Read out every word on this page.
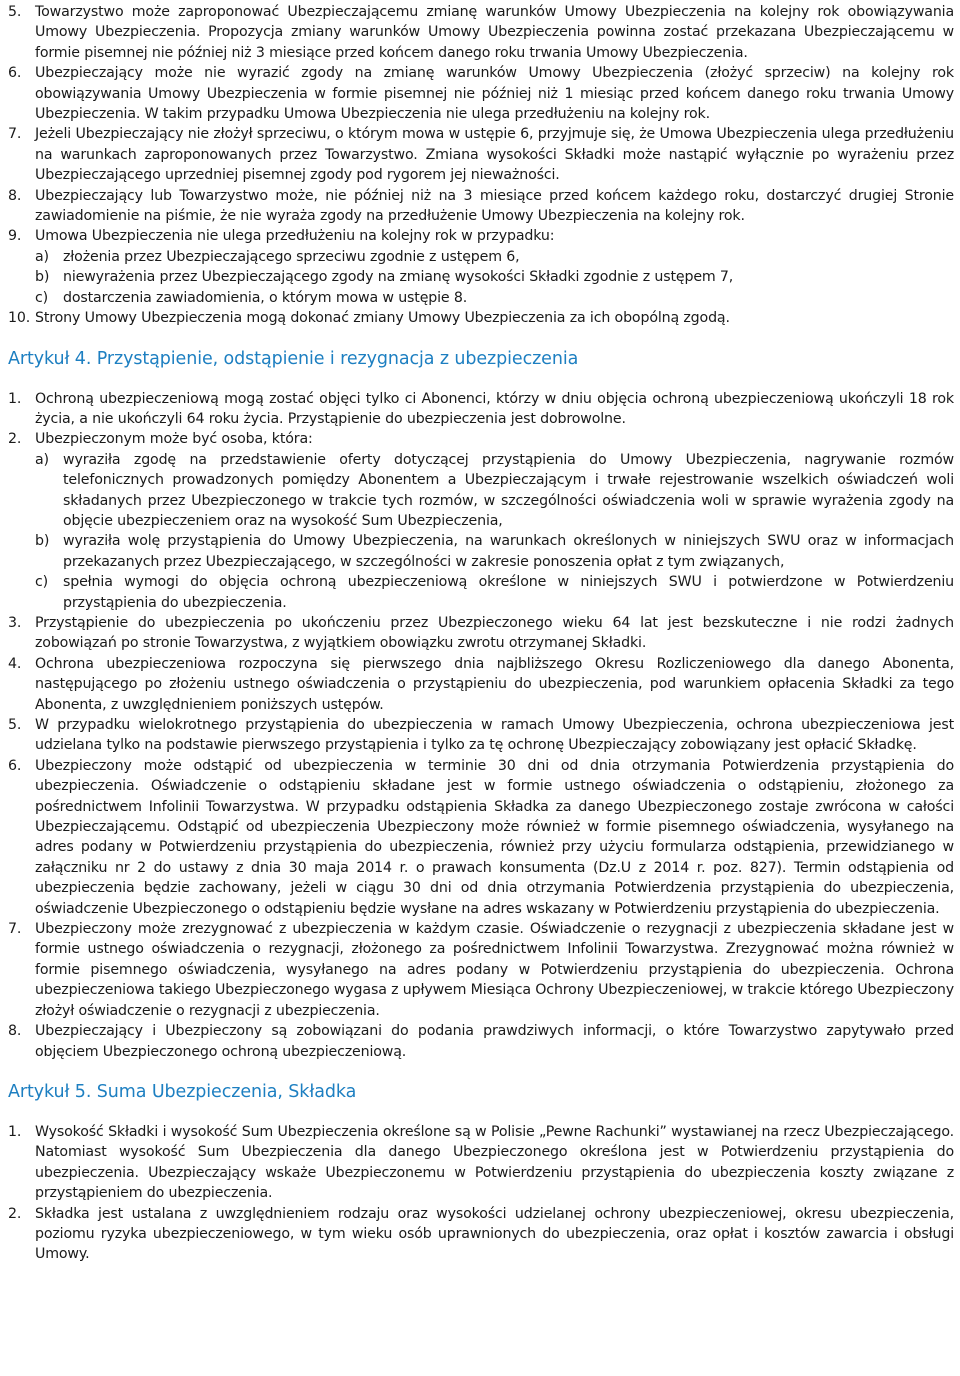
5. Towarzystwo może zaproponować Ubezpieczającemu zmianę warunków Umowy Ubezpieczenia na kolejny rok obowiązywania Umowy Ubezpieczenia. Propozycja zmiany warunków Umowy Ubezpieczenia powinna zostać przekazana Ubezpieczającemu w formie pisemnej nie później niż 3 miesiące przed końcem danego roku trwania Umowy Ubezpieczenia.

6. Ubezpieczający może nie wyrazić zgody na zmianę warunków Umowy Ubezpieczenia (złożyć sprzeciw) na kolejny rok obowiązywania Umowy Ubezpieczenia w formie pisemnej nie później niż 1 miesiąc przed końcem danego roku trwania Umowy Ubezpieczenia. W takim przypadku Umowa Ubezpieczenia nie ulega przedłużeniu na kolejny rok.

7. Jeżeli Ubezpieczający nie złożył sprzeciwu, o którym mowa w ustępie 6, przyjmuje się, że Umowa Ubezpieczenia ulega przedłużeniu na warunkach zaproponowanych przez Towarzystwo. Zmiana wysokości Składki może nastąpić wyłącznie po wyrażeniu przez Ubezpieczającego uprzedniej pisemnej zgody pod rygorem jej nieważności.

8. Ubezpieczający lub Towarzystwo może, nie później niż na 3 miesiące przed końcem każdego roku, dostarczyć drugiej Stronie zawiadomienie na piśmie, że nie wyraża zgody na przedłużenie Umowy Ubezpieczenia na kolejny rok.

9. Umowa Ubezpieczenia nie ulega przedłużeniu na kolejny rok w przypadku:

a) złożenia przez Ubezpieczającego sprzeciwu zgodnie z ustępem 6,
b) niewyrażenia przez Ubezpieczającego zgody na zmianę wysokości Składki zgodnie z ustępem 7,
c) dostarczenia zawiadomienia, o którym mowa w ustępie 8.

10. Strony Umowy Ubezpieczenia mogą dokonać zmiany Umowy Ubezpieczenia za ich obopólną zgodą.

Artykuł 4. Przystąpienie, odstąpienie i rezygnacja z ubezpieczenia

1. Ochroną ubezpieczeniową mogą zostać objęci tylko ci Abonenci, którzy w dniu objęcia ochroną ubezpieczeniową ukończyli 18 rok życia, a nie ukończyli 64 roku życia. Przystąpienie do ubezpieczenia jest dobrowolne.

2. Ubezpieczonym może być osoba, która:

a) wyraziła zgodę na przedstawienie oferty dotyczącej przystąpienia do Umowy Ubezpieczenia, nagrywanie rozmów telefonicznych prowadzonych pomiędzy Abonentem a Ubezpieczającym i trwałe rejestrowanie wszelkich oświadczeń woli składanych przez Ubezpieczonego w trakcie tych rozmów, w szczególności oświadczenia woli w sprawie wyrażenia zgody na objęcie ubezpieczeniem oraz na wysokość Sum Ubezpieczenia,
b) wyraziła wolę przystąpienia do Umowy Ubezpieczenia, na warunkach określonych w niniejszych SWU oraz w informacjach przekazanych przez Ubezpieczającego, w szczególności w zakresie ponoszenia opłat z tym związanych,
c) spełnia wymogi do objęcia ochroną ubezpieczeniową określone w niniejszych SWU i potwierdzone w Potwierdzeniu przystąpienia do ubezpieczenia.

3. Przystąpienie do ubezpieczenia po ukończeniu przez Ubezpieczonego wieku 64 lat jest bezskuteczne i nie rodzi żadnych zobowiązań po stronie Towarzystwa, z wyjątkiem obowiązku zwrotu otrzymanej Składki.

4. Ochrona ubezpieczeniowa rozpoczyna się pierwszego dnia najbliższego Okresu Rozliczeniowego dla danego Abonenta, następującego po złożeniu ustnego oświadczenia o przystąpieniu do ubezpieczenia, pod warunkiem opłacenia Składki za tego Abonenta, z uwzględnieniem poniższych ustępów.

5. W przypadku wielokrotnego przystąpienia do ubezpieczenia w ramach Umowy Ubezpieczenia, ochrona ubezpieczeniowa jest udzielana tylko na podstawie pierwszego przystąpienia i tylko za tę ochronę Ubezpieczający zobowiązany jest opłacić Składkę.

6. Ubezpieczony może odstąpić od ubezpieczenia w terminie 30 dni od dnia otrzymania Potwierdzenia przystąpienia do ubezpieczenia. Oświadczenie o odstąpieniu składane jest w formie ustnego oświadczenia o odstąpieniu, złożonego za pośrednictwem Infolinii Towarzystwa. W przypadku odstąpienia Składka za danego Ubezpieczonego zostaje zwrócona w całości Ubezpieczającemu. Odstąpić od ubezpieczenia Ubezpieczony może również w formie pisemnego oświadczenia, wysyłanego na adres podany w Potwierdzeniu przystąpienia do ubezpieczenia, również przy użyciu formularza odstąpienia, przewidzianego w załączniku nr 2 do ustawy z dnia 30 maja 2014 r. o prawach konsumenta (Dz.U z 2014 r. poz. 827). Termin odstąpienia od ubezpieczenia będzie zachowany, jeżeli w ciągu 30 dni od dnia otrzymania Potwierdzenia przystąpienia do ubezpieczenia, oświadczenie Ubezpieczonego o odstąpieniu będzie wysłane na adres wskazany w Potwierdzeniu przystąpienia do ubezpieczenia.

7. Ubezpieczony może zrezygnować z ubezpieczenia w każdym czasie. Oświadczenie o rezygnacji z ubezpieczenia składane jest w formie ustnego oświadczenia o rezygnacji, złożonego za pośrednictwem Infolinii Towarzystwa. Zrezygnować można również w formie pisemnego oświadczenia, wysyłanego na adres podany w Potwierdzeniu przystąpienia do ubezpieczenia. Ochrona ubezpieczeniowa takiego Ubezpieczonego wygasa z upływem Miesiąca Ochrony Ubezpieczeniowej, w trakcie którego Ubezpieczony złożył oświadczenie o rezygnacji z ubezpieczenia.

8. Ubezpieczający i Ubezpieczony są zobowiązani do podania prawdziwych informacji, o które Towarzystwo zapytywało przed objęciem Ubezpieczonego ochroną ubezpieczeniową.

Artykuł 5. Suma Ubezpieczenia, Składka

1. Wysokość Składki i wysokość Sum Ubezpieczenia określone są w Polisie „Pewne Rachunki” wystawianej na rzecz Ubezpieczającego. Natomiast wysokość Sum Ubezpieczenia dla danego Ubezpieczonego określona jest w Potwierdzeniu przystąpienia do ubezpieczenia. Ubezpieczający wskaże Ubezpieczonemu w Potwierdzeniu przystąpienia do ubezpieczenia koszty związane z przystąpieniem do ubezpieczenia.

2. Składka jest ustalana z uwzględnieniem rodzaju oraz wysokości udzielanej ochrony ubezpieczeniowej, okresu ubezpieczenia, poziomu ryzyka ubezpieczeniowego, w tym wieku osób uprawnionych do ubezpieczenia, oraz opłat i kosztów zawarcia i obsługi Umowy.
